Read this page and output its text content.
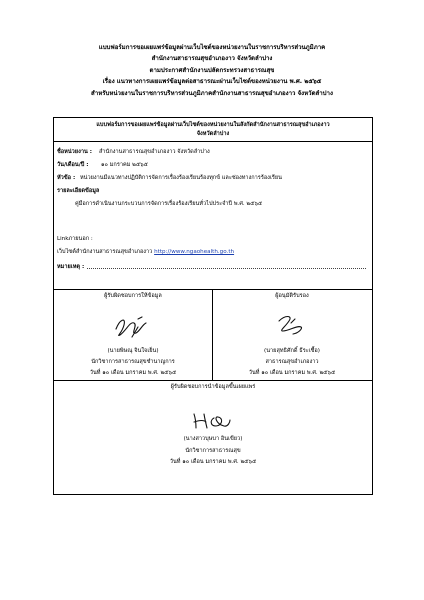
แบบฟอร์มการขอเผยแพร่ข้อมูลผ่านเว็บไซต์ของหน่วยงานในราชการบริหารส่วนภูมิภาค
สำนักงานสาธารณสุขอำเภองาว จังหวัดลำปาง
ตามประกาศสำนักงานปลัดกระทรวงสาธารณสุข
เรื่อง แนวทางการเผยแพร่ข้อมูลต่อสาธารณะผ่านเว็บไซต์ของหน่วยงาน พ.ศ. ๒๕๖๕
สำหรับหน่วยงานในราชการบริหารส่วนภูมิภาคสำนักงานสาธารณสุขอำเภองาว จังหวัดลำปาง
แบบฟอร์มการขอเผยแพร่ข้อมูลผ่านเว็บไซต์ของหน่วยงานในสังกัดสำนักงานสาธารณสุขอำเภองาว
จังหวัดลำปาง
ชื่อหน่วยงาน : สำนักงานสาธารณสุขอำเภองาว จังหวัดลำปาง
วัน/เดือน/ปี : ๑๐ มกราคม ๒๕๖๕
หัวข้อ : หน่วยงานมีแนวทางปฏิบัติการจัดการเรื่องร้องเรียนร้องทุกข์ และช่องทางการร้องเรียน
รายละเอียดข้อมูล
คู่มือการดำเนินงานกระบวนการจัดการเรื่องร้องเรียนทั่วไปประจำปี พ.ศ. ๒๕๖๕
Linkภายนอก :
เว็บไซต์สำนักงานสาธารณสุขอำเภองาว http://www.ngaohealth.go.th
หมายเหตุ :
ผู้รับผิดชอบการให้ข้อมูล
(นายพิษณุ จินใจเย็น)
นักวิชาการสาธารณสุขชำนาญการ
วันที่ ๑๐ เดือน มกราคม พ.ศ. ๒๕๖๕
ผู้อนุมัติรับรอง
(นายสุทธิศักดิ์ ธีระเชื้อ)
สาธารณสุขอำเภองาว
วันที่ ๑๐ เดือน มกราคม พ.ศ. ๒๕๖๕
ผู้รับผิดชอบการนำข้อมูลขึ้นเผยแพร่
(นางสาวบุษบา อินเขียว)
นักวิชาการสาธารณสุข
วันที่ ๑๐ เดือน มกราคม พ.ศ. ๒๕๖๕
